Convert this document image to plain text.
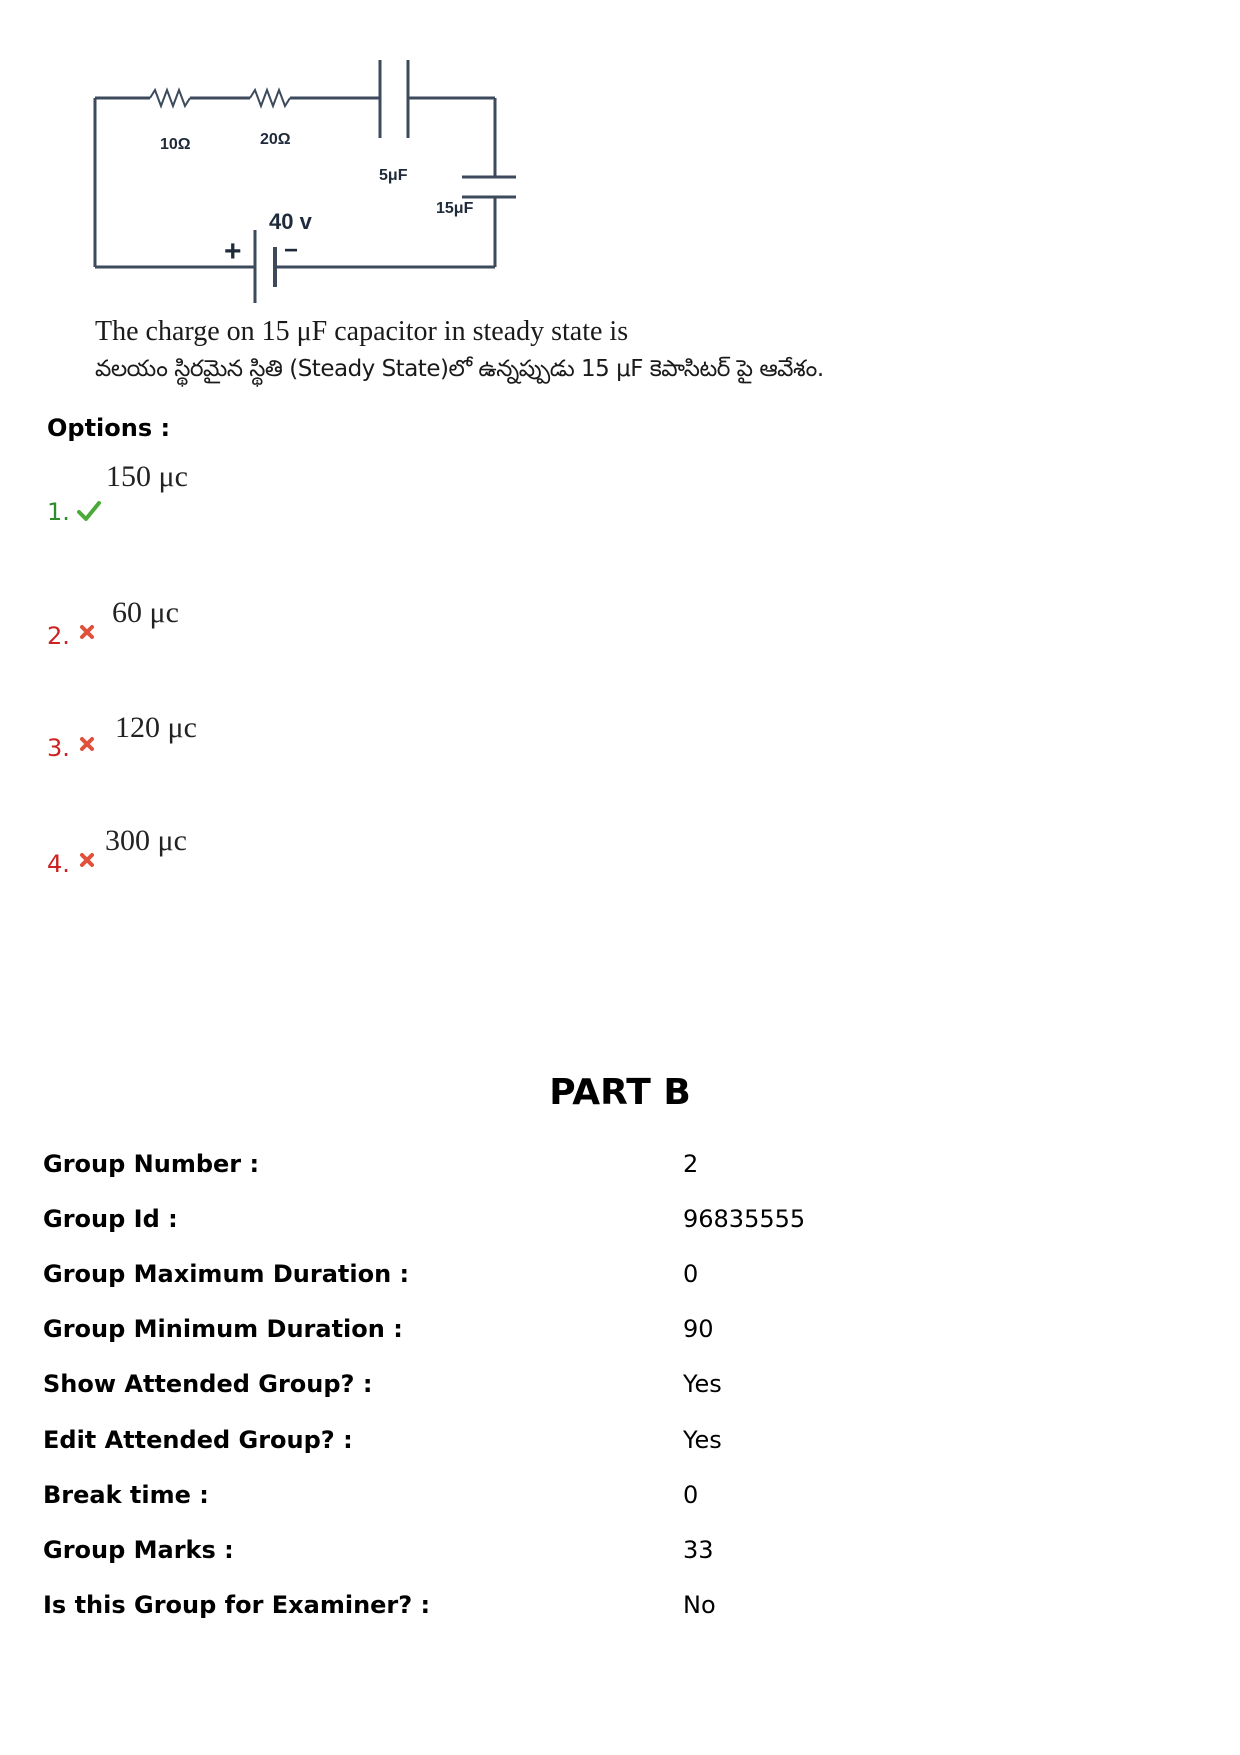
10Ω	20Ω
5μF
15μF
40 v
+ −
The charge on 15 μF capacitor in steady state is
వలయం స్థిరమైన స్థితి (Steady State)లో ఉన్నప్పుడు 15 μF కెపాసిటర్ పై ఆవేశం.
Options :
1.
150 μc
2.
60 μc
3.
120 μc
4.
300 μc
PART B
Group Number :	2
Group Id :	96835555
Group Maximum Duration :	0
Group Minimum Duration :	90
Show Attended Group? :	Yes
Edit Attended Group? :	Yes
Break time :	0
Group Marks :	33
Is this Group for Examiner? :	No
